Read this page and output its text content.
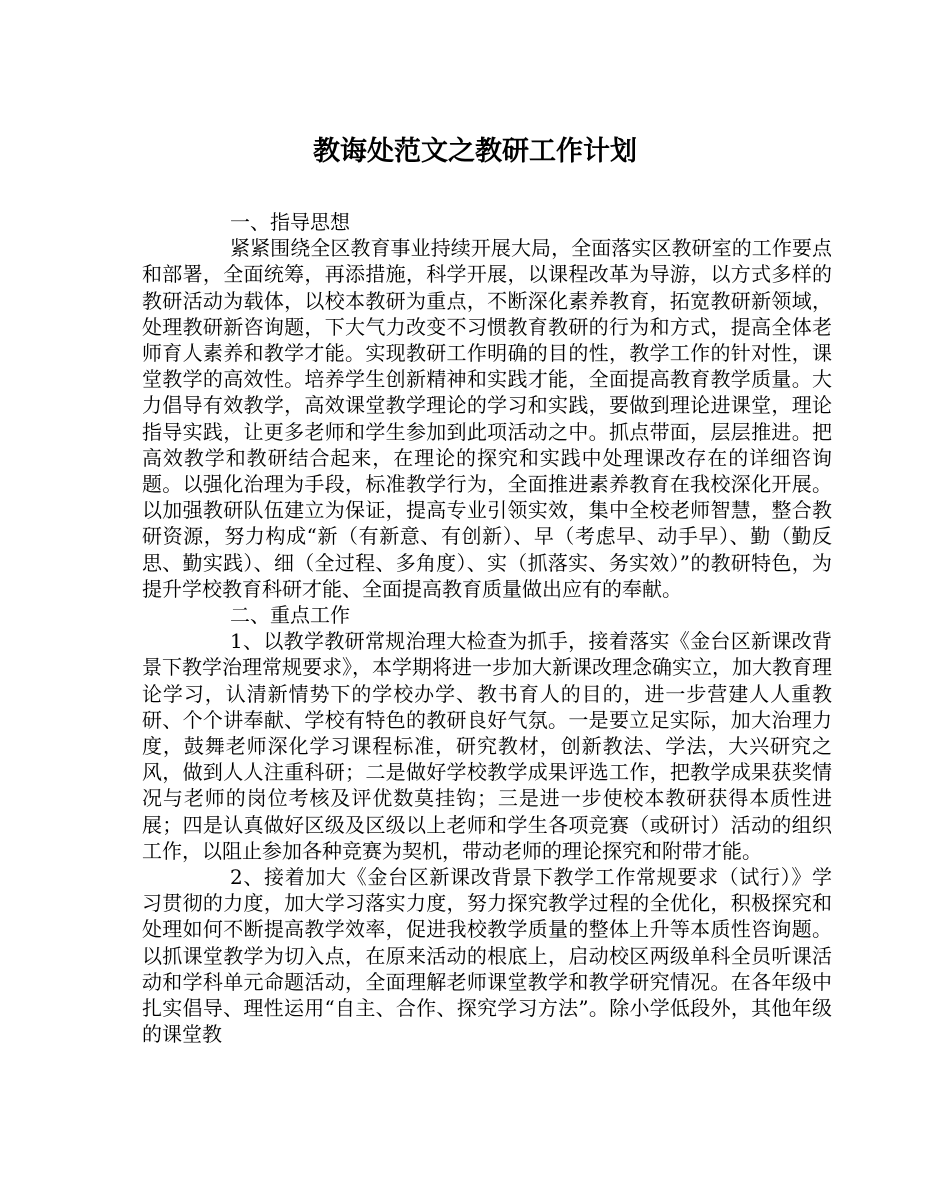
教诲处范文之教研工作计划

一、指导思想

紧紧围绕全区教育事业持续开展大局，全面落实区教研室的工作要点和部署，全面统筹，再添措施，科学开展，以课程改革为导游，以方式多样的教研活动为载体，以校本教研为重点，不断深化素养教育，拓宽教研新领域，处理教研新咨询题，下大气力改变不习惯教育教研的行为和方式，提高全体老师育人素养和教学才能。实现教研工作明确的目的性，教学工作的针对性，课堂教学的高效性。培养学生创新精神和实践才能，全面提高教育教学质量。大力倡导有效教学，高效课堂教学理论的学习和实践，要做到理论进课堂，理论指导实践，让更多老师和学生参加到此项活动之中。抓点带面，层层推进。把高效教学和教研结合起来，在理论的探究和实践中处理课改存在的详细咨询题。以强化治理为手段，标准教学行为，全面推进素养教育在我校深化开展。以加强教研队伍建立为保证，提高专业引领实效，集中全校老师智慧，整合教研资源，努力构成“新（有新意、有创新）、早（考虑早、动手早）、勤（勤反思、勤实践）、细（全过程、多角度）、实（抓落实、务实效）”的教研特色，为提升学校教育科研才能、全面提高教育质量做出应有的奉献。

二、重点工作

1、以教学教研常规治理大检查为抓手，接着落实《金台区新课改背景下教学治理常规要求》，本学期将进一步加大新课改理念确实立，加大教育理论学习，认清新情势下的学校办学、教书育人的目的，进一步营建人人重教研、个个讲奉献、学校有特色的教研良好气氛。一是要立足实际，加大治理力度，鼓舞老师深化学习课程标准，研究教材，创新教法、学法，大兴研究之风，做到人人注重科研；二是做好学校教学成果评选工作，把教学成果获奖情况与老师的岗位考核及评优数莫挂钩；三是进一步使校本教研获得本质性进展；四是认真做好区级及区级以上老师和学生各项竞赛（或研讨）活动的组织工作，以阻止参加各种竞赛为契机，带动老师的理论探究和附带才能。

2、接着加大《金台区新课改背景下教学工作常规要求（试行）》学习贯彻的力度，加大学习落实力度，努力探究教学过程的全优化，积极探究和处理如何不断提高教学效率，促进我校教学质量的整体上升等本质性咨询题。以抓课堂教学为切入点，在原来活动的根底上，启动校区两级单科全员听课活动和学科单元命题活动，全面理解老师课堂教学和教学研究情况。在各年级中扎实倡导、理性运用“自主、合作、探究学习方法”。除小学低段外，其他年级的课堂教
